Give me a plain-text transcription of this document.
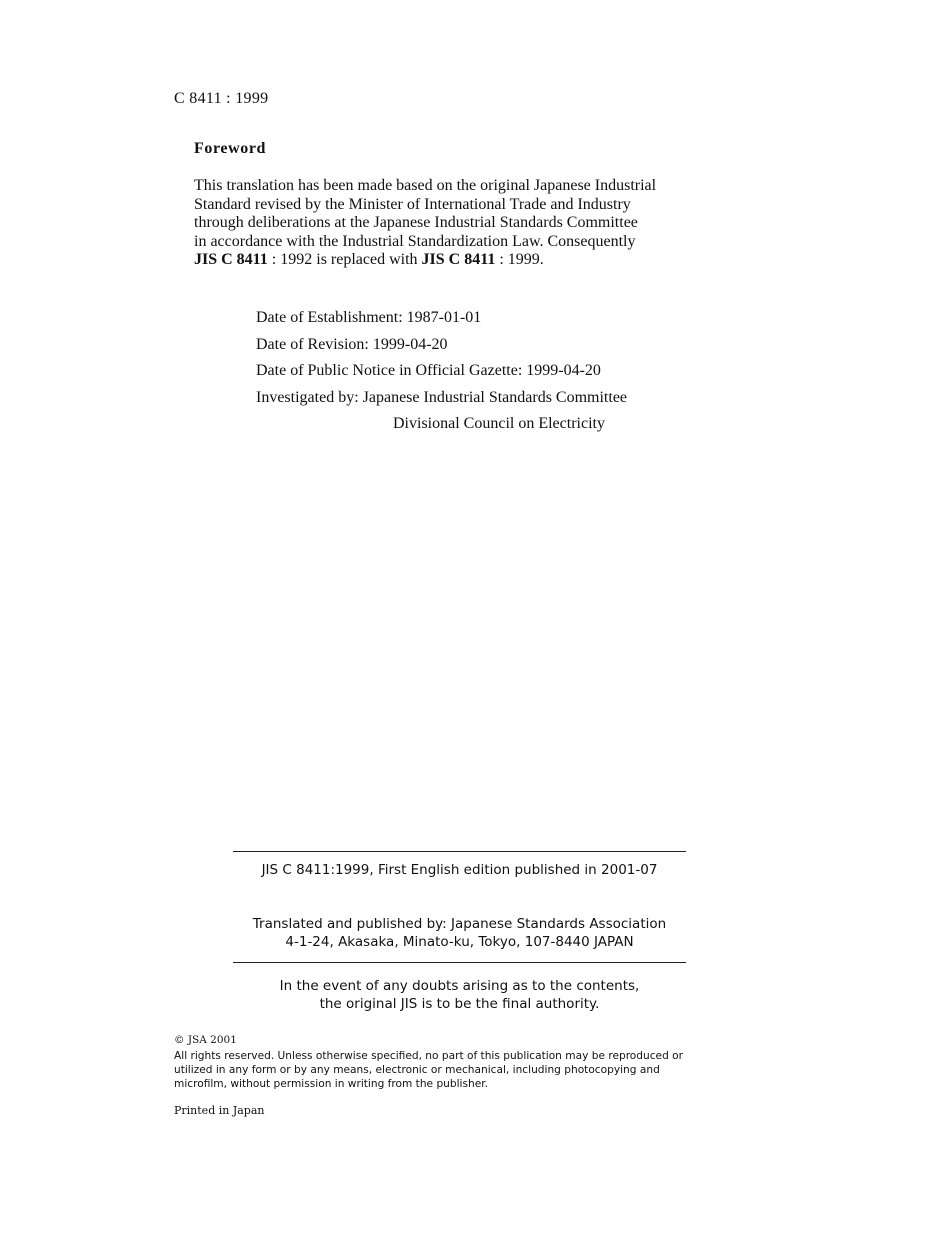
C 8411 : 1999
Foreword
This translation has been made based on the original Japanese Industrial
Standard revised by the Minister of International Trade and Industry
through deliberations at the Japanese Industrial Standards Committee
in accordance with the Industrial Standardization Law. Consequently
JIS C 8411 : 1992 is replaced with JIS C 8411 : 1999.
Date of Establishment: 1987-01-01
Date of Revision: 1999-04-20
Date of Public Notice in Official Gazette: 1999-04-20
Investigated by: Japanese Industrial Standards Committee
Divisional Council on Electricity
JIS C 8411:1999, First English edition published in 2001-07
Translated and published by: Japanese Standards Association
4-1-24, Akasaka, Minato-ku, Tokyo, 107-8440 JAPAN
In the event of any doubts arising as to the contents,
the original JIS is to be the final authority.
© JSA 2001
All rights reserved. Unless otherwise specified, no part of this publication may be reproduced or
utilized in any form or by any means, electronic or mechanical, including photocopying and
microfilm, without permission in writing from the publisher.
Printed in Japan
